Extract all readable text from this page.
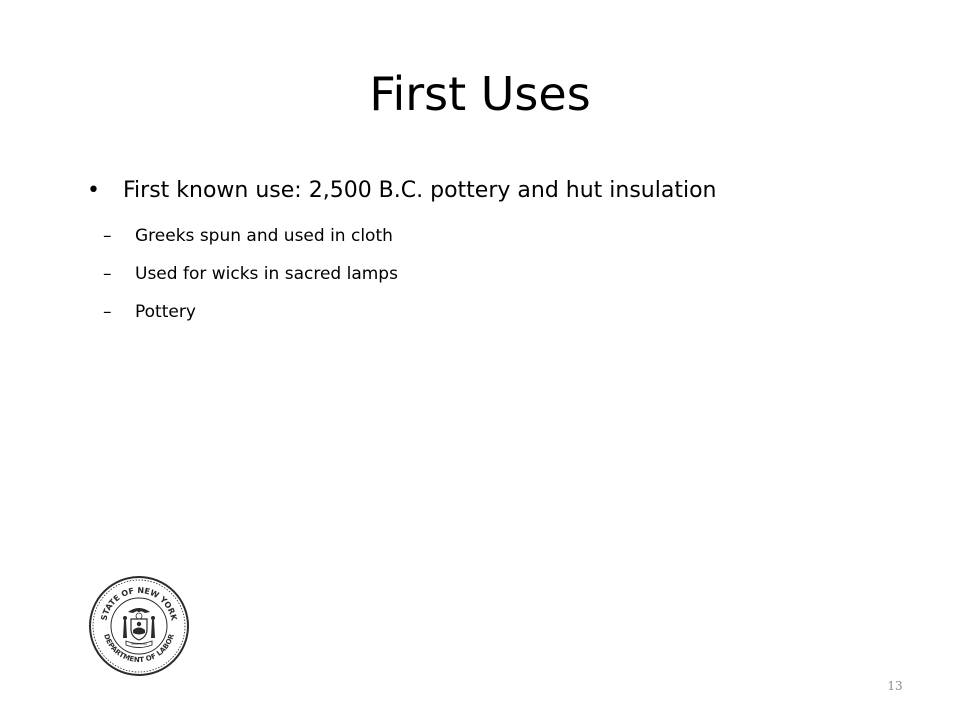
First Uses
• First known use: 2,500 B.C. pottery and hut insulation
– Greeks spun and used in cloth
– Used for wicks in sacred lamps
– Pottery
STATE OF NEW YORK
DEPARTMENT OF LABOR
13
